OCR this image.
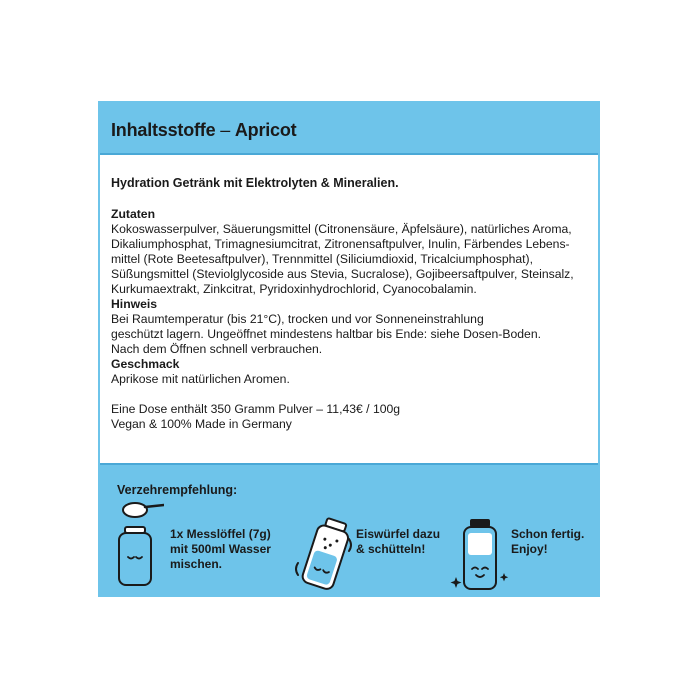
Inhaltsstoffe – Apricot

Hydration Getränk mit Elektrolyten & Mineralien.

Zutaten

Kokoswasserpulver, Säuerungsmittel (Citronensäure, Äpfelsäure), natürliches Aroma,

Dikaliumphosphat, Trimagnesiumcitrat, Zitronensaftpulver, Inulin, Färbendes Lebens-

mittel (Rote Beetesaftpulver), Trennmittel (Siliciumdioxid, Tricalciumphosphat),

Süßungsmittel (Steviolglycoside aus Stevia, Sucralose), Gojibeersaftpulver, Steinsalz,

Kurkumaextrakt, Zinkcitrat, Pyridoxinhydrochlorid, Cyanocobalamin.

Hinweis

Bei Raumtemperatur (bis 21°C), trocken und vor Sonneneinstrahlung

geschützt lagern. Ungeöffnet mindestens haltbar bis Ende: siehe Dosen-Boden.

Nach dem Öffnen schnell verbrauchen.

Geschmack

Aprikose mit natürlichen Aromen.

Eine Dose enthält 350 Gramm Pulver – 11,43€ / 100g

Vegan & 100% Made in Germany

Verzehrempfehlung:
1x Messlöffel (7g)
mit 500ml Wasser
mischen.
Eiswürfel dazu
& schütteln!
Schon fertig.
Enjoy!
